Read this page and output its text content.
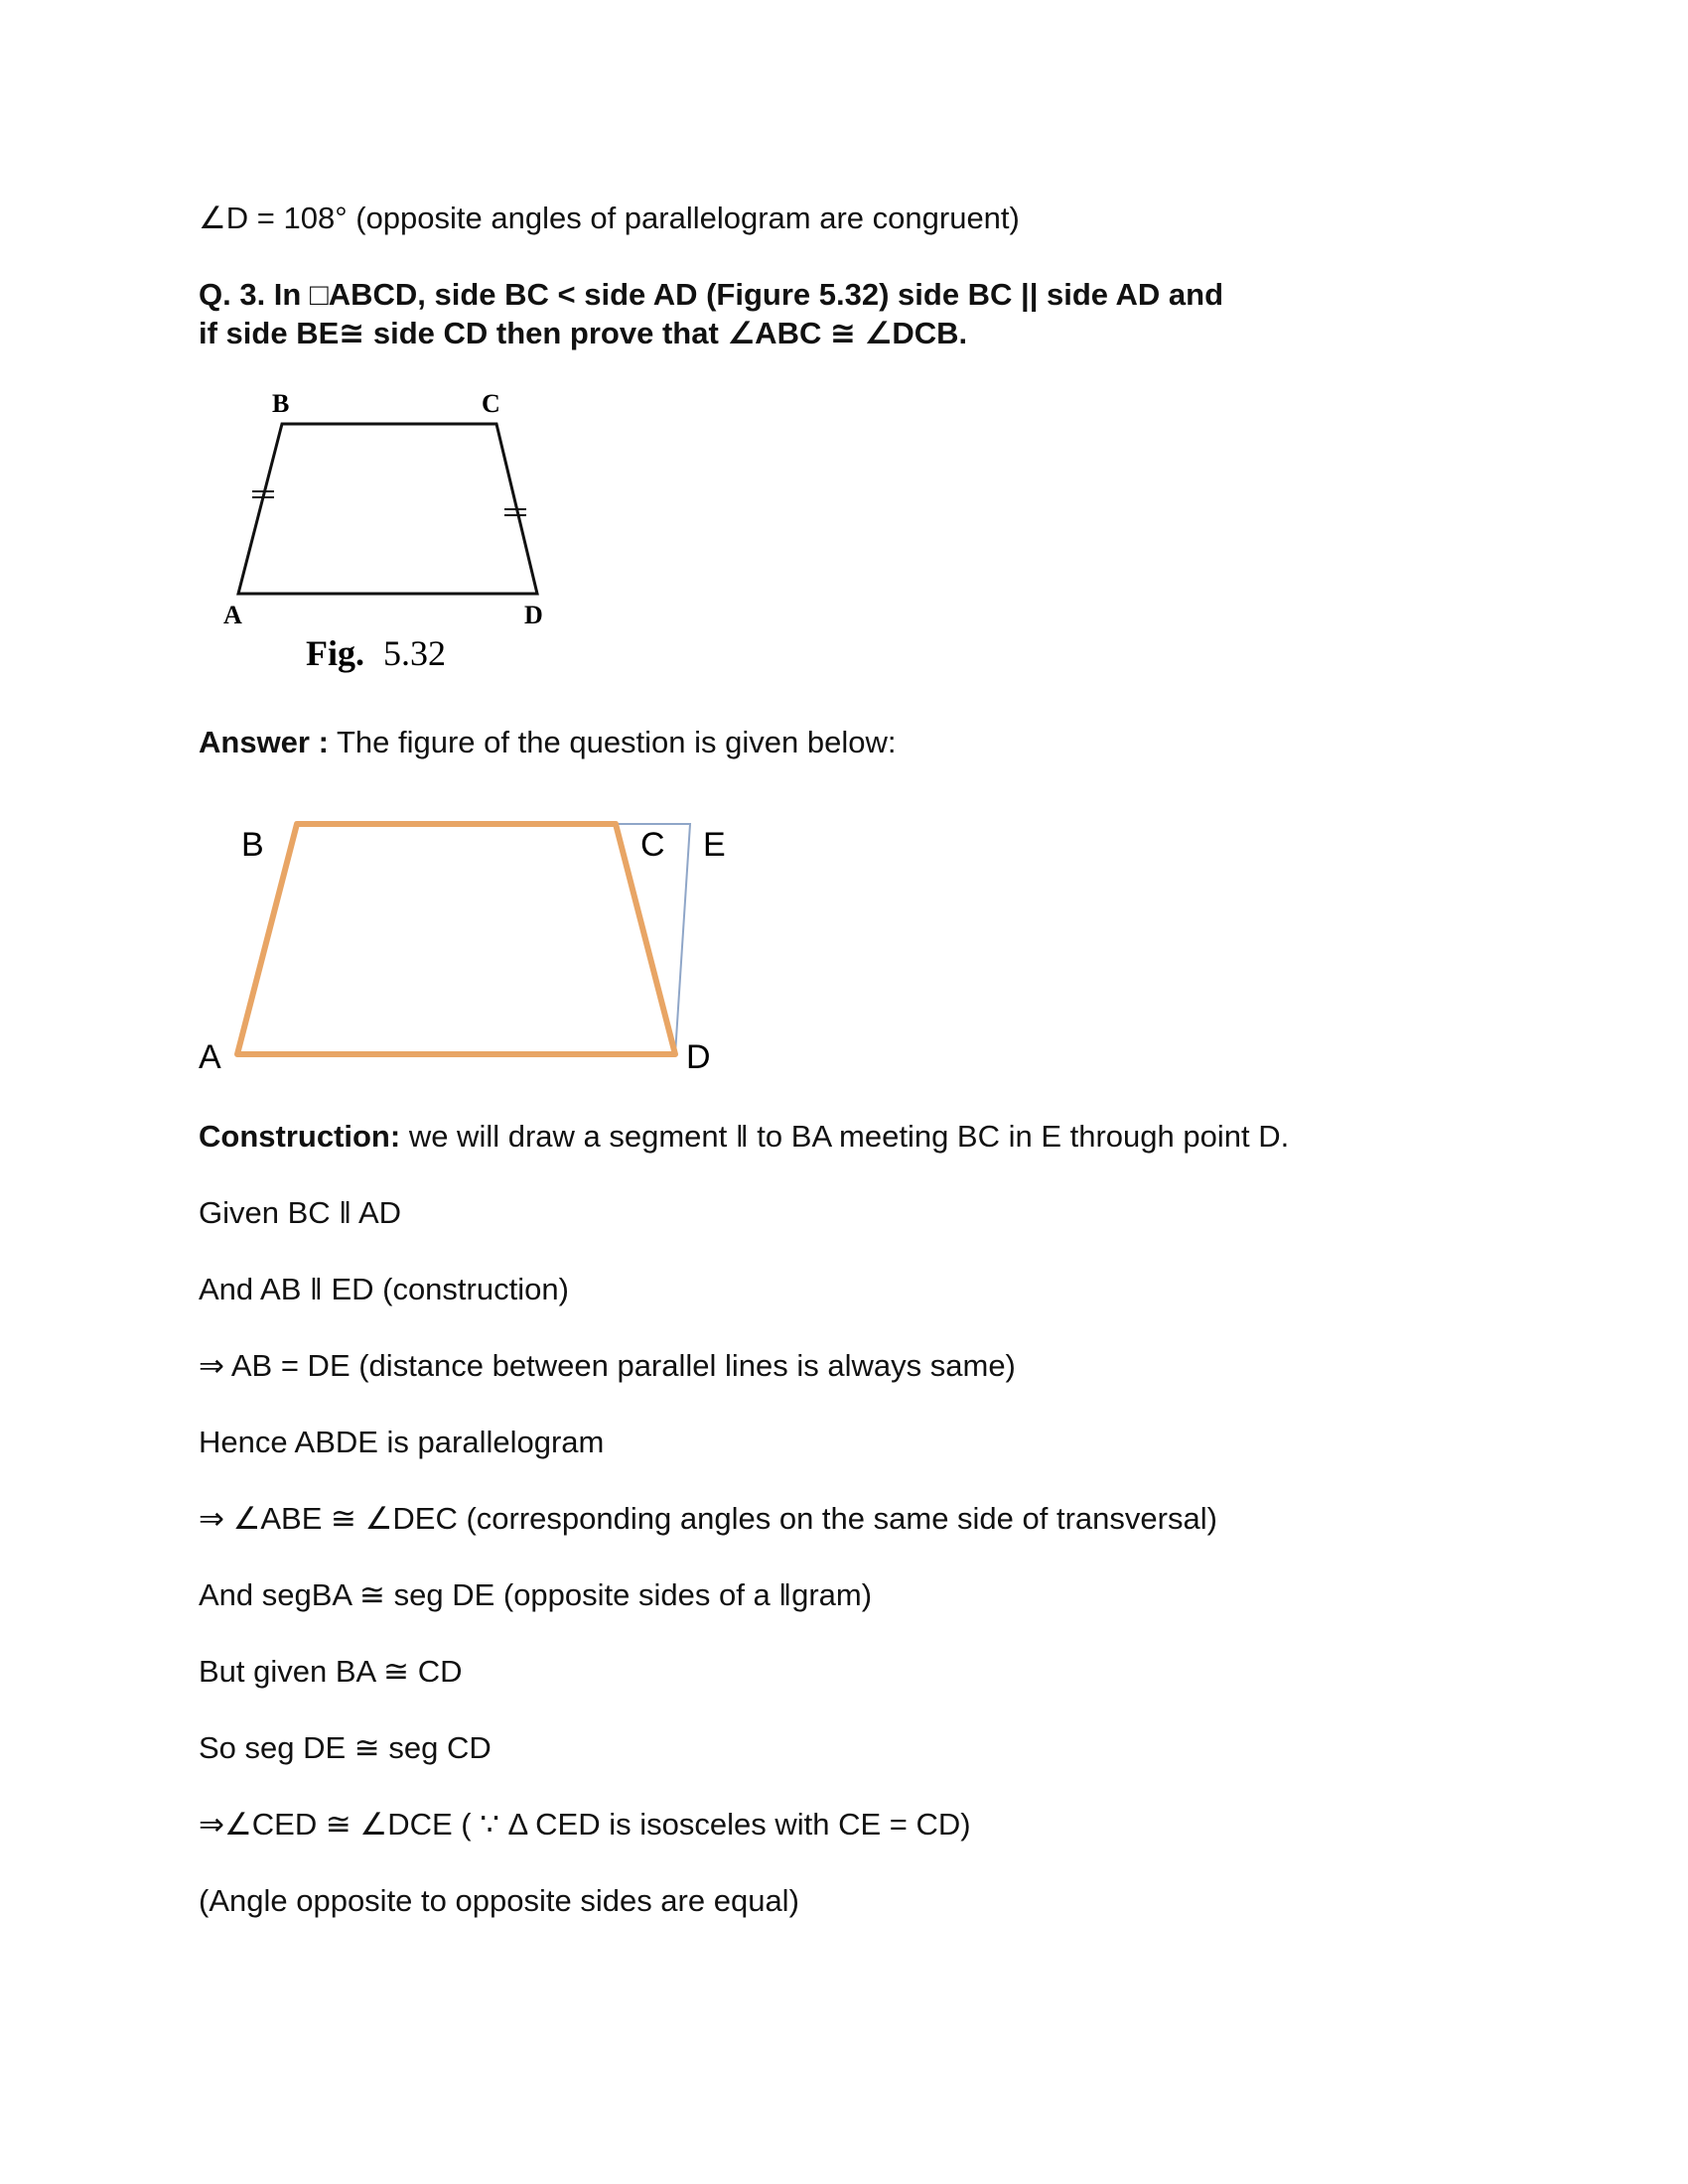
∠D = 108° (opposite angles of parallelogram are congruent)
Q. 3. In □ABCD, side BC < side AD (Figure 5.32) side BC || side AD and
if side BE≅ side CD then prove that ∠ABC ≅ ∠DCB.
B	C
A	D
Fig. 5.32
Answer : The figure of the question is given below:
B	C E
A	D
Construction: we will draw a segment ǁ to BA meeting BC in E through point D.
Given BC ǁ AD
And AB ǁ ED (construction)
⇒ AB = DE (distance between parallel lines is always same)
Hence ABDE is parallelogram
⇒ ∠ABE ≅ ∠DEC (corresponding angles on the same side of transversal)
And segBA ≅ seg DE (opposite sides of a ǁgram)
But given BA ≅ CD
So seg DE ≅ seg CD
⇒∠CED ≅ ∠DCE ( ∵ Δ CED is isosceles with CE = CD)
(Angle opposite to opposite sides are equal)
